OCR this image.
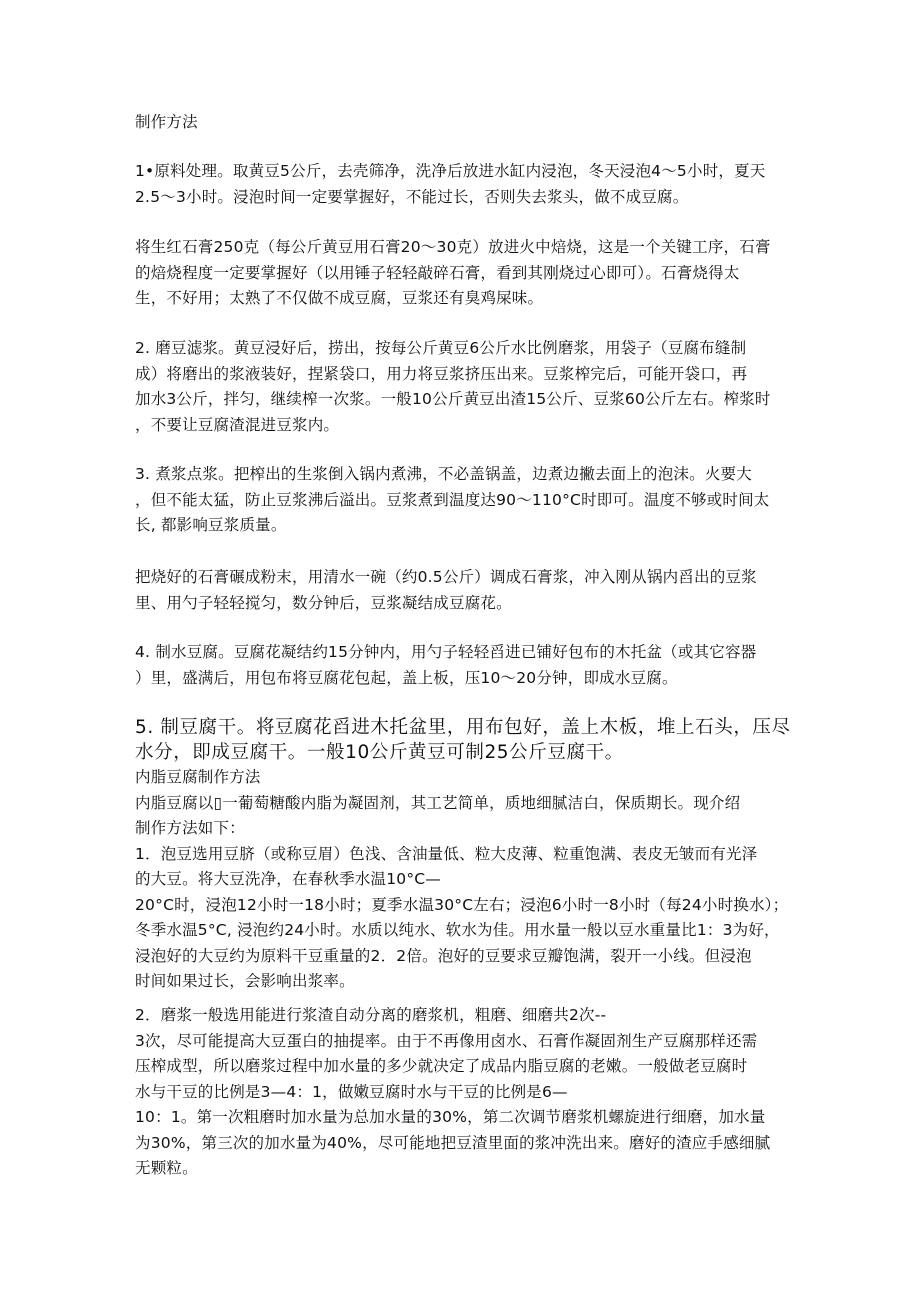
制作方法
1•原料处理。取黄豆5公斤，去壳筛净，洗净后放进水缸内浸泡，冬天浸泡4～5小时，夏天
2.5～3小时。浸泡时间一定要掌握好，不能过长，否则失去浆头，做不成豆腐。
将生红石膏250克（每公斤黄豆用石膏20～30克）放进火中焙烧，这是一个关键工序，石膏
的焙烧程度一定要掌握好（以用锤子轻轻敲碎石膏，看到其刚烧过心即可）。石膏烧得太
生，不好用；太熟了不仅做不成豆腐，豆浆还有臭鸡屎味。
2. 磨豆滤浆。黄豆浸好后，捞出，按每公斤黄豆6公斤水比例磨浆，用袋子（豆腐布缝制
成）将磨出的浆液装好，捏紧袋口，用力将豆浆挤压出来。豆浆榨完后，可能开袋口，再
加水3公斤，拌匀，继续榨一次浆。一般10公斤黄豆出渣15公斤、豆浆60公斤左右。榨浆时
，不要让豆腐渣混进豆浆内。
3. 煮浆点浆。把榨出的生浆倒入锅内煮沸，不必盖锅盖，边煮边撇去面上的泡沫。火要大
，但不能太猛，防止豆浆沸后溢出。豆浆煮到温度达90～110°C时即可。温度不够或时间太
长, 都影响豆浆质量。
把烧好的石膏碾成粉末，用清水一碗（约0.5公斤）调成石膏浆，冲入刚从锅内舀出的豆浆
里、用勺子轻轻搅匀，数分钟后，豆浆凝结成豆腐花。
4. 制水豆腐。豆腐花凝结约15分钟内，用勺子轻轻舀进已铺好包布的木托盆（或其它容器
）里，盛满后，用包布将豆腐花包起，盖上板，压10～20分钟，即成水豆腐。
5. 制豆腐干。将豆腐花舀进木托盆里，用布包好，盖上木板，堆上石头，压尽
水分，即成豆腐干。一般10公斤黄豆可制25公斤豆腐干。
内脂豆腐制作方法
内脂豆腐以▯一葡萄糖酸内脂为凝固剂，其工艺简单，质地细腻洁白，保质期长。现介绍
制作方法如下：
1．泡豆选用豆脐（或称豆眉）色浅、含油量低、粒大皮薄、粒重饱满、表皮无皱而有光泽
的大豆。将大豆洗净，在春秋季水温10°C—
20°C时，浸泡12小时一18小时；夏季水温30°C左右；浸泡6小时一8小时（每24小时换水）；
冬季水温5°C, 浸泡约24小时。水质以纯水、软水为佳。用水量一般以豆水重量比1：3为好，
浸泡好的大豆约为原料干豆重量的2．2倍。泡好的豆要求豆瓣饱满，裂开一小线。但浸泡
时间如果过长，会影响出浆率。
2．磨浆一般选用能进行浆渣自动分离的磨浆机，粗磨、细磨共2次--
3次，尽可能提高大豆蛋白的抽提率。由于不再像用卤水、石膏作凝固剂生产豆腐那样还需
压榨成型，所以磨浆过程中加水量的多少就决定了成品内脂豆腐的老嫩。一般做老豆腐时
水与干豆的比例是3—4：1，做嫩豆腐时水与干豆的比例是6—
10：1。第一次粗磨时加水量为总加水量的30%，第二次调节磨浆机螺旋进行细磨，加水量
为30%，第三次的加水量为40%，尽可能地把豆渣里面的浆冲洗出来。磨好的渣应手感细腻
无颗粒。
